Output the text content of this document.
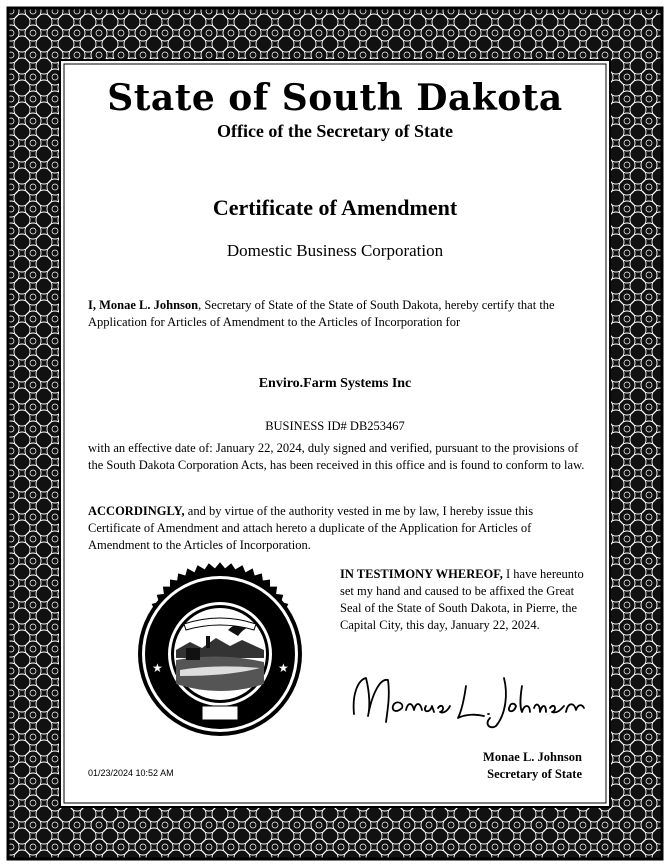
State of South Dakota
Office of the Secretary of State
Certificate of Amendment
Domestic Business Corporation
I, Monae L. Johnson, Secretary of State of the State of South Dakota, hereby certify that the Application for Articles of Amendment to the Articles of Incorporation for
Enviro.Farm Systems Inc
BUSINESS ID# DB253467
with an effective date of: January 22, 2024, duly signed and verified, pursuant to the provisions of the South Dakota Corporation Acts, has been received in this office and is found to conform to law.
ACCORDINGLY, and by virtue of the authority vested in me by law, I hereby issue this Certificate of Amendment and attach hereto a duplicate of the Application for Articles of Amendment to the Articles of Incorporation.
IN TESTIMONY WHEREOF, I have hereunto set my hand and caused to be affixed the Great Seal of the State of South Dakota, in Pierre, the Capital City, this day, January 22, 2024.
★	★
Monae L. Johnson
Secretary of State
01/23/2024 10:52 AM
